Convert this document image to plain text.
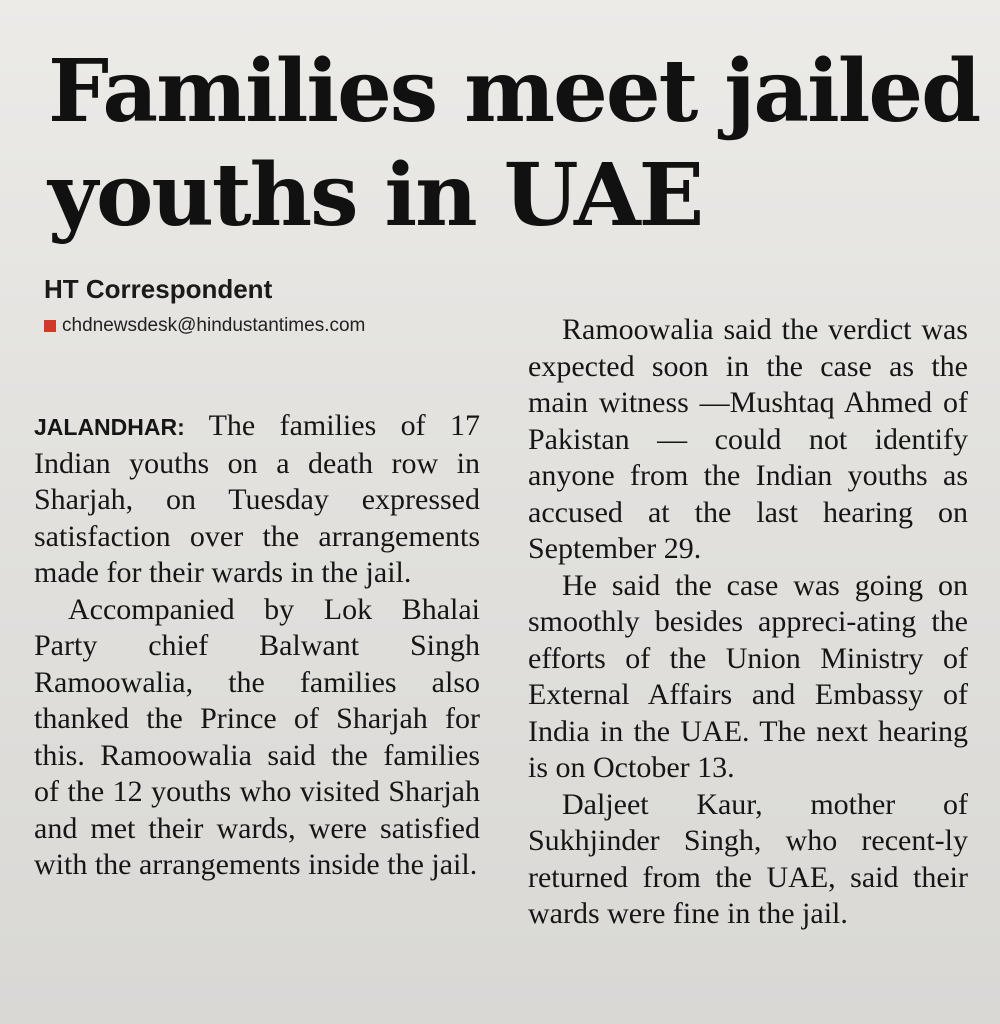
Families meet jailed youths in UAE
HT Correspondent
chdnewsdesk@hindustantimes.com

JALANDHAR: The families of 17 Indian youths on a death row in Sharjah, on Tuesday expressed satisfaction over the arrangements made for their wards in the jail.

Accompanied by Lok Bhalai Party chief Balwant Singh Ramoowalia, the families also thanked the Prince of Sharjah for this. Ramoowalia said the families of the 12 youths who visited Sharjah and met their wards, were satisfied with the arrangements inside the jail.

Ramoowalia said the verdict was expected soon in the case as the main witness —Mushtaq Ahmed of Pakistan — could not identify anyone from the Indian youths as accused at the last hearing on September 29.

He said the case was going on smoothly besides appreci-ating the efforts of the Union Ministry of External Affairs and Embassy of India in the UAE. The next hearing is on October 13.

Daljeet Kaur, mother of Sukhjinder Singh, who recent-ly returned from the UAE, said their wards were fine in the jail.
